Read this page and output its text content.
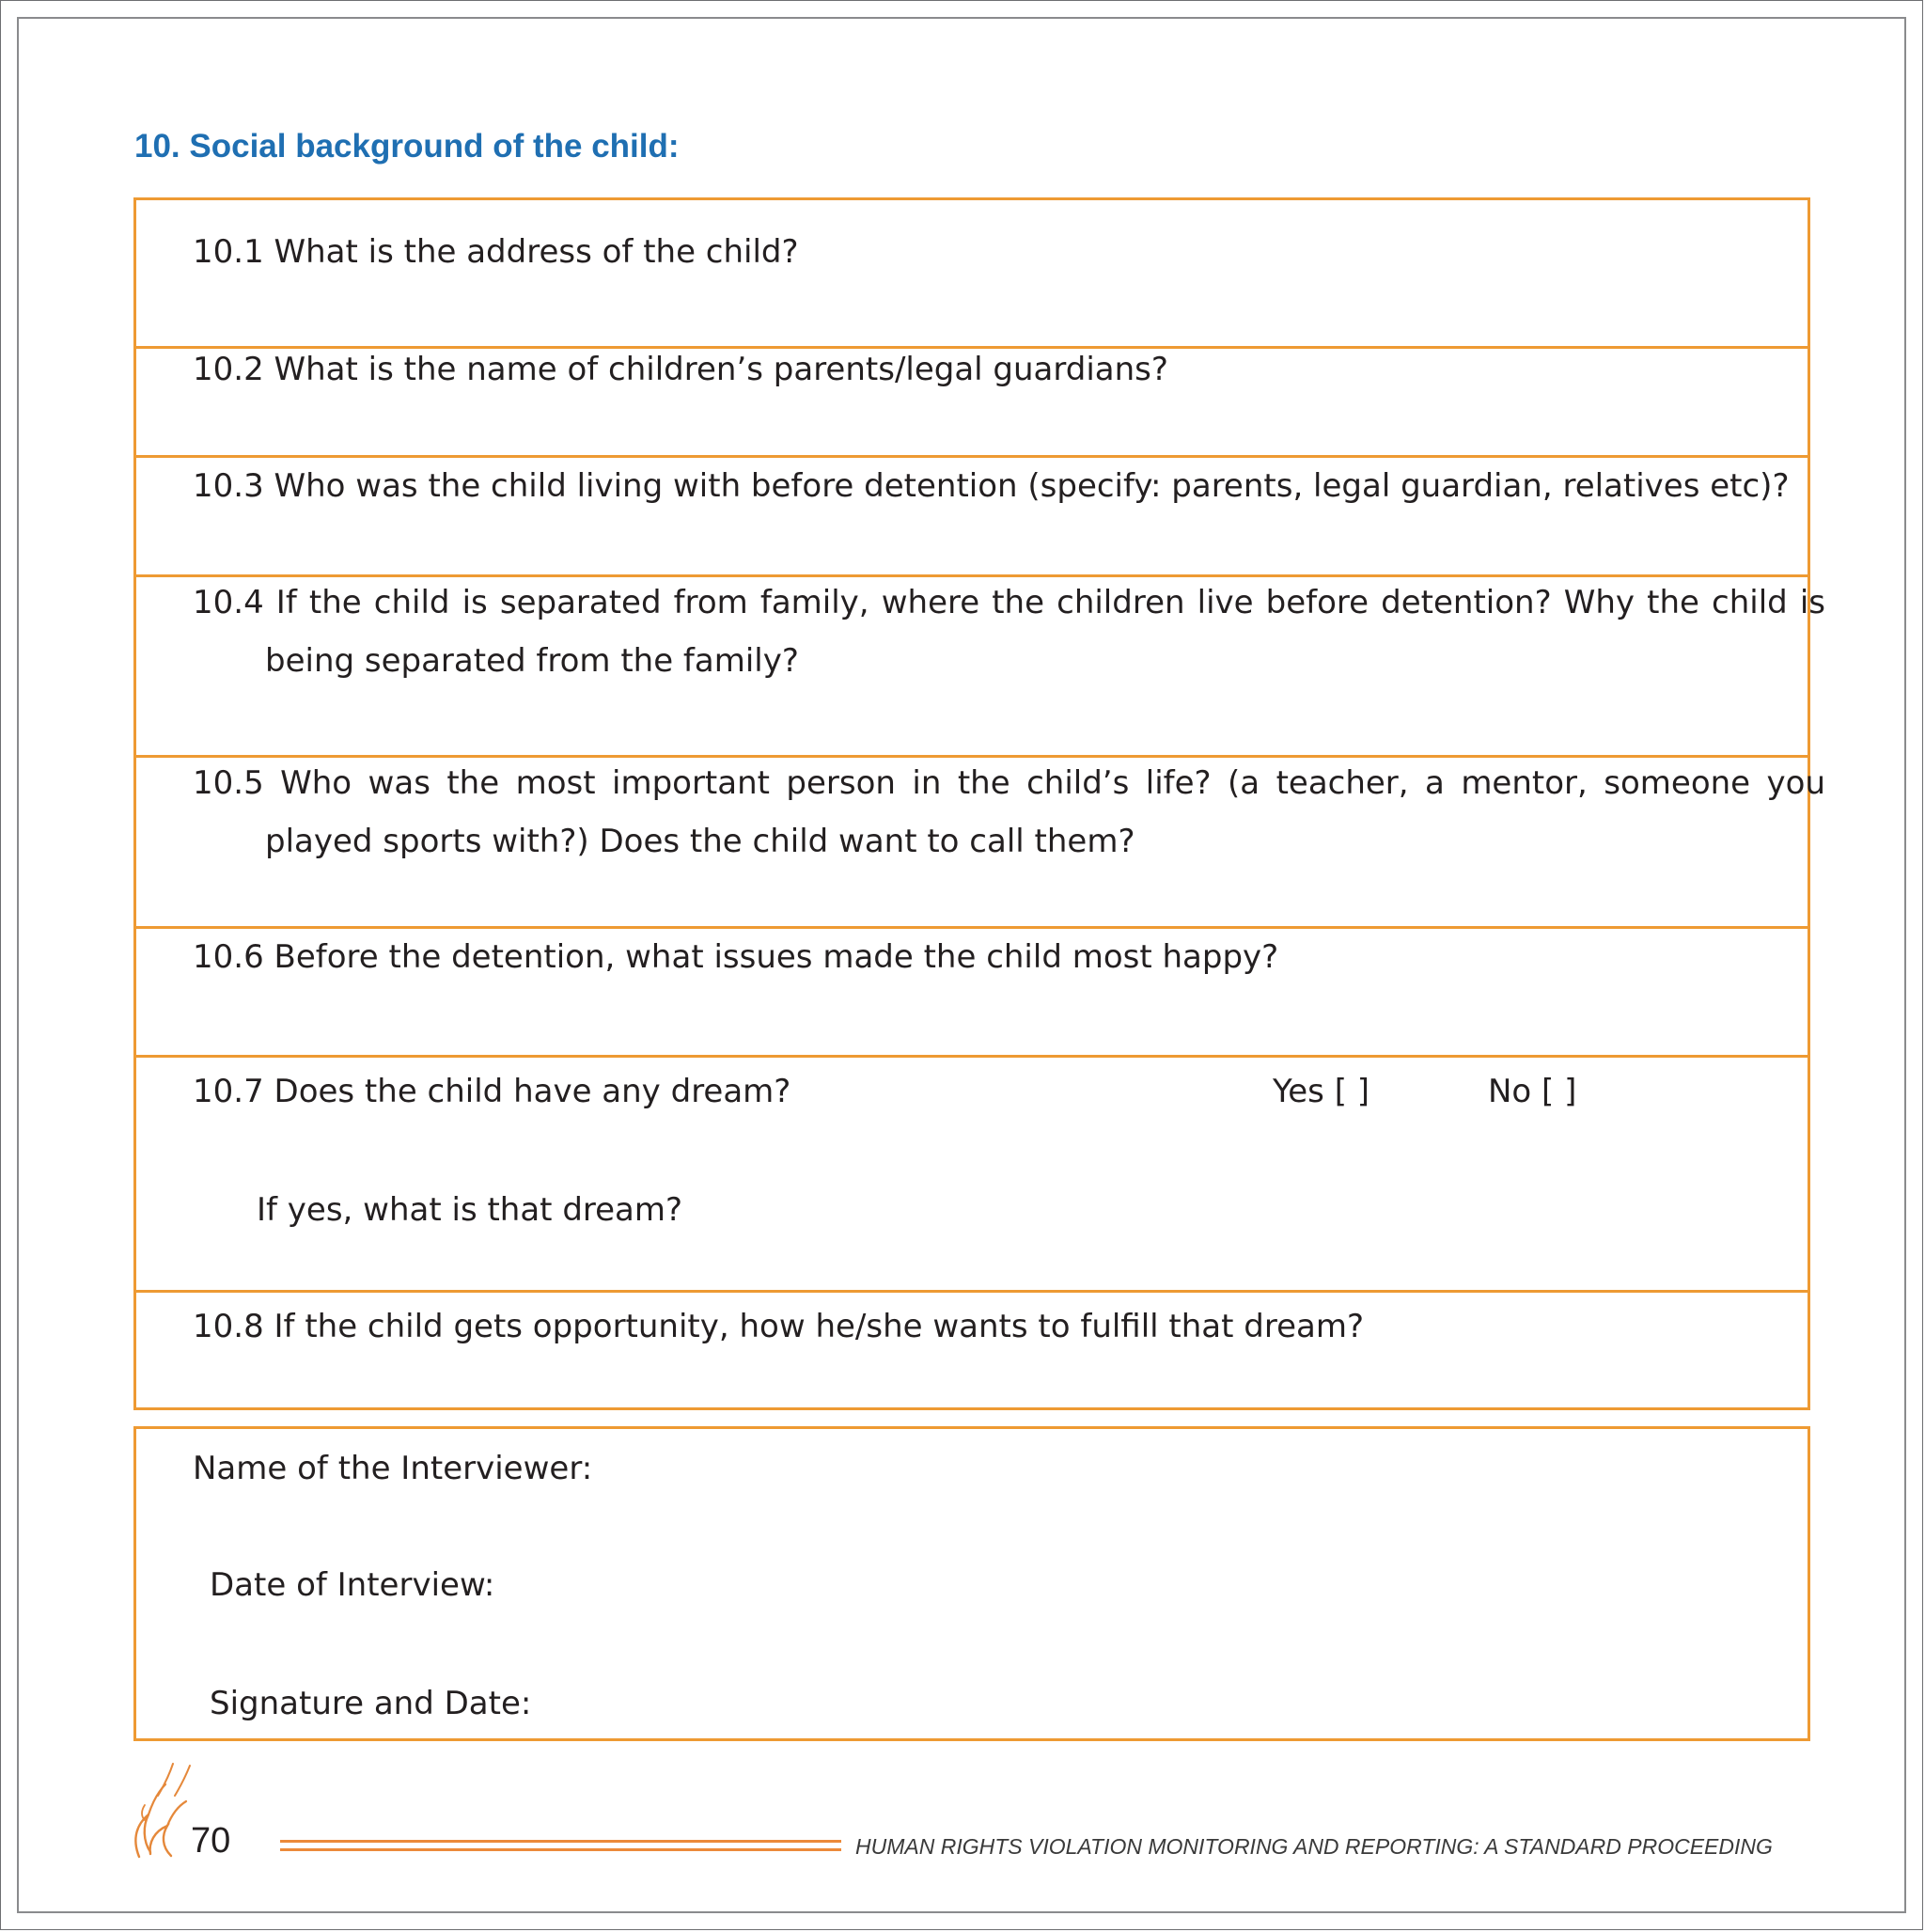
10. Social background of the child:
10.1 What is the address of the child?
10.2 What is the name of children’s parents/legal guardians?
10.3 Who was the child living with before detention (specify: parents, legal guardian, relatives etc)?
10.4 If the child is separated from family, where the children live before detention? Why the child is being separated from the family?
10.5 Who was the most important person in the child’s life? (a teacher, a mentor, someone you played sports with?) Does the child want to call them?
10.6 Before the detention, what issues made the child most happy?
10.7 Does the child have any dream?	Yes [ ]	No [ ]
If yes, what is that dream?
10.8 If the child gets opportunity, how he/she wants to fulfill that dream?
Name of the Interviewer:
Date of Interview:
Signature and Date:
70	HUMAN RIGHTS VIOLATION MONITORING AND REPORTING: A STANDARD PROCEEDING
